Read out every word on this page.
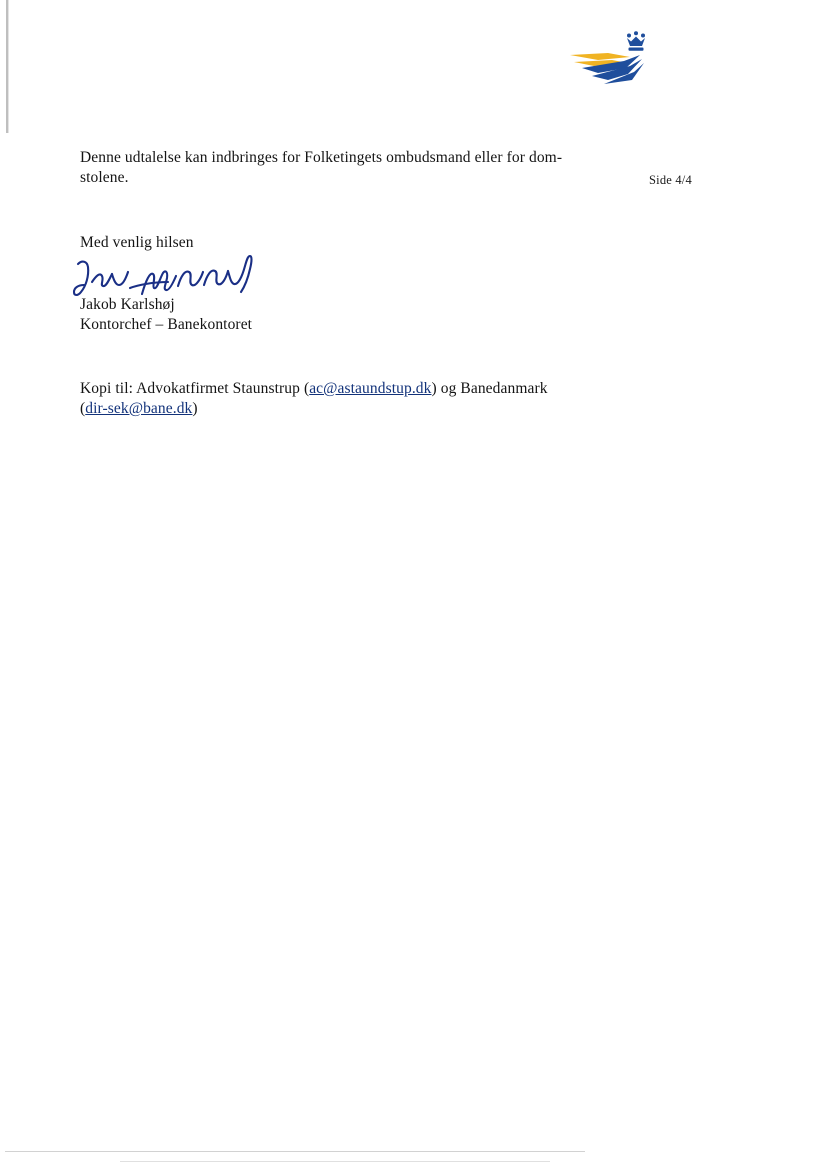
Side 4/4
Denne udtalelse kan indbringes for Folketingets ombudsmand eller for dom-stolene.
Med venlig hilsen
Jakob Karlshøj
Kontorchef – Banekontoret
Kopi til: Advokatfirmet Staunstrup (ac@astaundstup.dk) og Banedanmark
(dir-sek@bane.dk)
